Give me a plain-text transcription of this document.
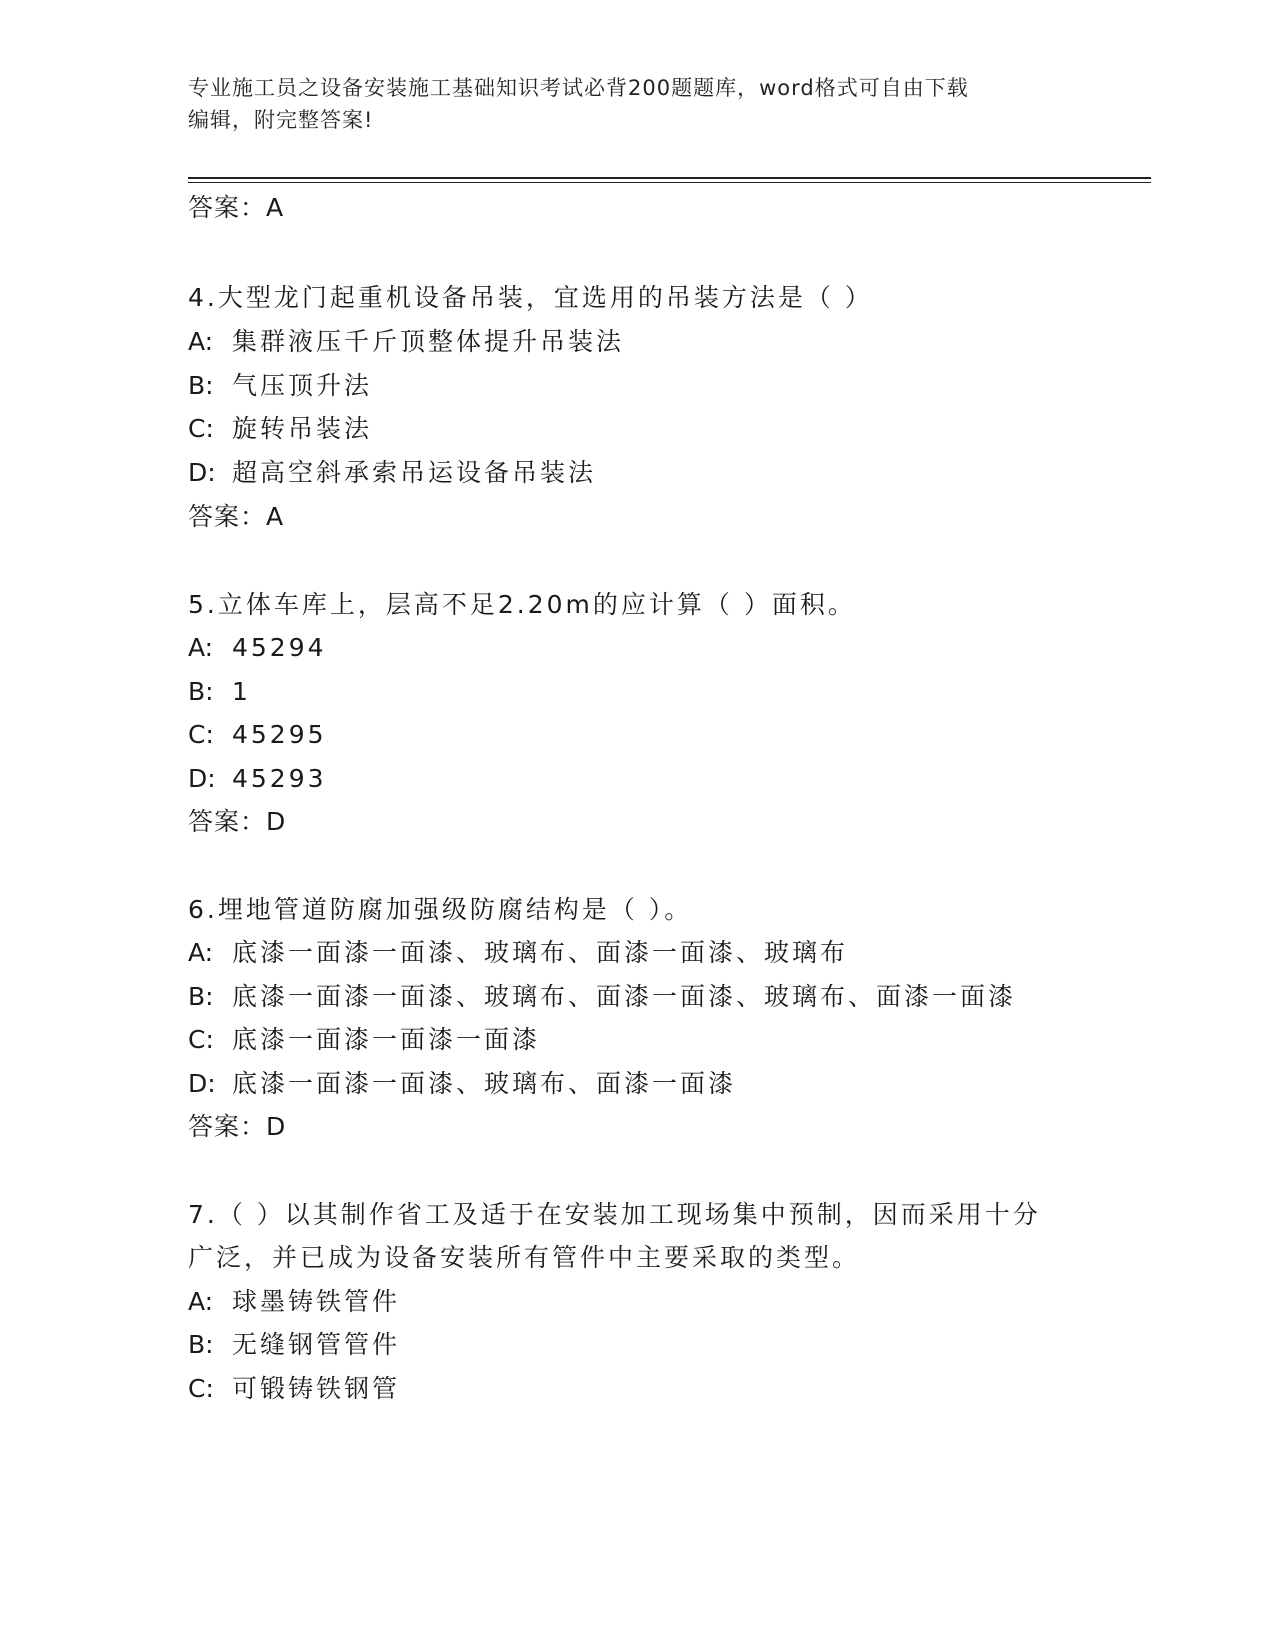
专业施工员之设备安装施工基础知识考试必背200题题库，word格式可自由下载
编辑，附完整答案!
答案：A
4.大型龙门起重机设备吊装，宜选用的吊装方法是（ ）
A: 集群液压千斤顶整体提升吊装法
B: 气压顶升法
C: 旋转吊装法
D: 超高空斜承索吊运设备吊装法
答案：A
5.立体车库上，层高不足2.20m的应计算（ ）面积。
A: 45294
B: 1
C: 45295
D: 45293
答案：D
6.埋地管道防腐加强级防腐结构是（ ）。
A: 底漆一面漆一面漆、玻璃布、面漆一面漆、玻璃布
B: 底漆一面漆一面漆、玻璃布、面漆一面漆、玻璃布、面漆一面漆
C: 底漆一面漆一面漆一面漆
D: 底漆一面漆一面漆、玻璃布、面漆一面漆
答案：D
7.（ ）以其制作省工及适于在安装加工现场集中预制，因而采用十分
广泛，并已成为设备安装所有管件中主要采取的类型。
A: 球墨铸铁管件
B: 无缝钢管管件
C: 可锻铸铁钢管
